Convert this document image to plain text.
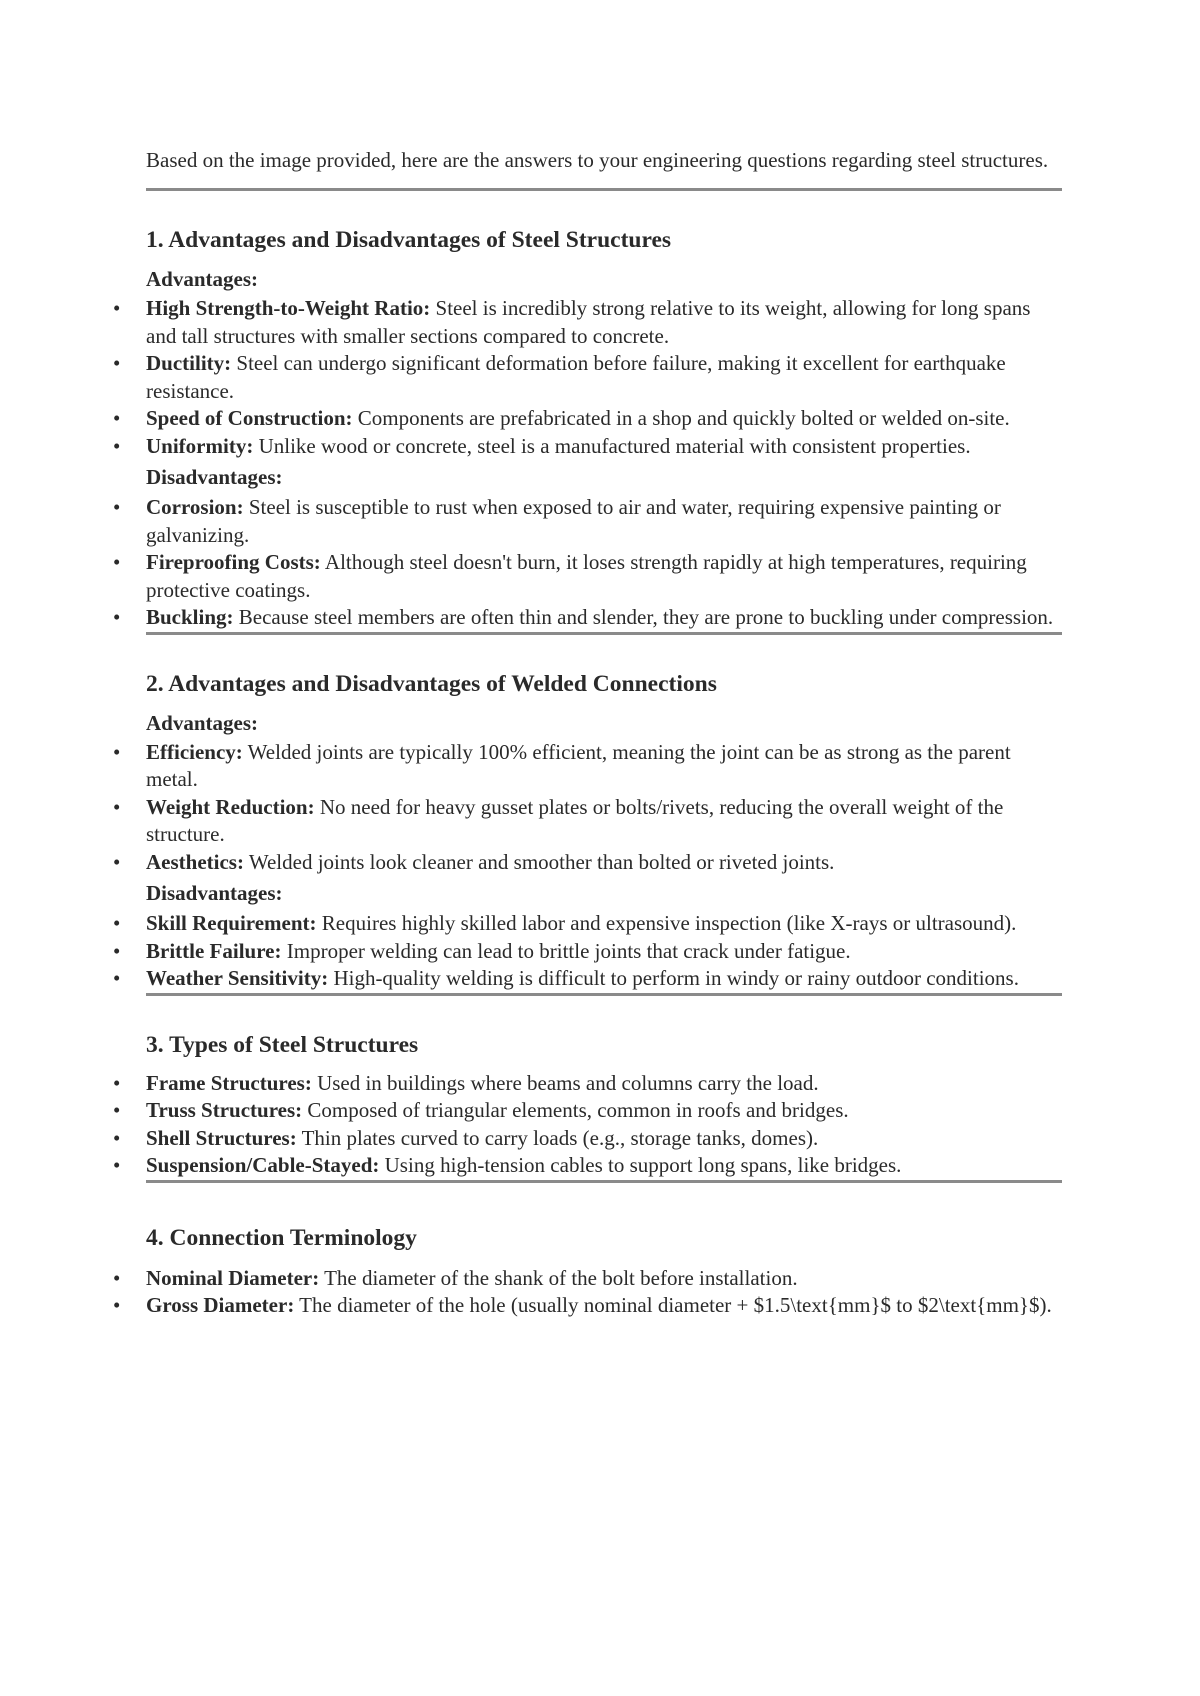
Based on the image provided, here are the answers to your engineering questions regarding steel structures.

1. Advantages and Disadvantages of Steel Structures
Advantages:
• High Strength-to-Weight Ratio: Steel is incredibly strong relative to its weight, allowing for long spans and tall structures with smaller sections compared to concrete.
• Ductility: Steel can undergo significant deformation before failure, making it excellent for earthquake resistance.
• Speed of Construction: Components are prefabricated in a shop and quickly bolted or welded on-site.
• Uniformity: Unlike wood or concrete, steel is a manufactured material with consistent properties.
Disadvantages:
• Corrosion: Steel is susceptible to rust when exposed to air and water, requiring expensive painting or galvanizing.
• Fireproofing Costs: Although steel doesn't burn, it loses strength rapidly at high temperatures, requiring protective coatings.
• Buckling: Because steel members are often thin and slender, they are prone to buckling under compression.
2. Advantages and Disadvantages of Welded Connections
Advantages:
• Efficiency: Welded joints are typically 100% efficient, meaning the joint can be as strong as the parent metal.
• Weight Reduction: No need for heavy gusset plates or bolts/rivets, reducing the overall weight of the structure.
• Aesthetics: Welded joints look cleaner and smoother than bolted or riveted joints.
Disadvantages:
• Skill Requirement: Requires highly skilled labor and expensive inspection (like X-rays or ultrasound).
• Brittle Failure: Improper welding can lead to brittle joints that crack under fatigue.
• Weather Sensitivity: High-quality welding is difficult to perform in windy or rainy outdoor conditions.
3. Types of Steel Structures
• Frame Structures: Used in buildings where beams and columns carry the load.
• Truss Structures: Composed of triangular elements, common in roofs and bridges.
• Shell Structures: Thin plates curved to carry loads (e.g., storage tanks, domes).
• Suspension/Cable-Stayed: Using high-tension cables to support long spans, like bridges.
4. Connection Terminology
• Nominal Diameter: The diameter of the shank of the bolt before installation.
• Gross Diameter: The diameter of the hole (usually nominal diameter + $1.5\text{mm}$ to $2\text{mm}$).
